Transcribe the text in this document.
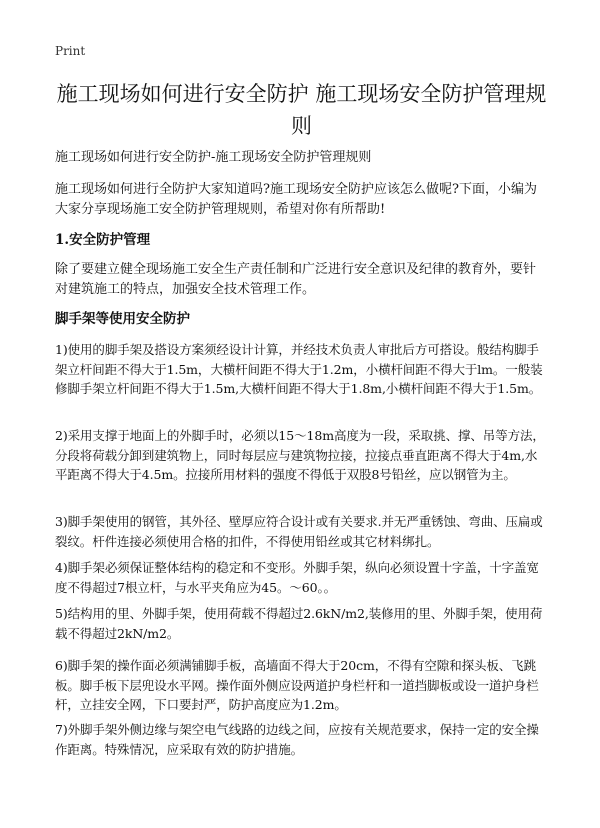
Print
施工现场如何进行安全防护 施工现场安全防护管理规则

施工现场如何进行安全防护-施工现场安全防护管理规则

施工现场如何进行全防护大家知道吗?施工现场安全防护应该怎么做呢?下面，小编为大家分享现场施工安全防护管理规则，希望对你有所帮助!

1.安全防护管理

除了要建立健全现场施工安全生产责任制和广泛进行安全意识及纪律的教育外，要针对建筑施工的特点，加强安全技术管理工作。

脚手架等使用安全防护

1)使用的脚手架及搭设方案须经设计计算，并经技术负责人审批后方可搭设。般结构脚手架立杆间距不得大于1.5m，大横杆间距不得大于1.2m，小横杆间距不得大于lm。一般装修脚手架立杆间距不得大于1.5m,大横杆间距不得大于1.8m,小横杆间距不得大于1.5m。

2)采用支撑于地面上的外脚手时，必须以15～18m高度为一段，采取挑、撑、吊等方法，分段将荷载分卸到建筑物上，同时每层应与建筑物拉接，拉接点垂直距离不得大于4m,水平距离不得大于4.5m。拉接所用材料的强度不得低于双股8号铅丝，应以钢管为主。

3)脚手架使用的钢管，其外径、壁厚应符合设计或有关要求.并无严重锈蚀、弯曲、压扁或裂纹。杆件连接必须使用合格的扣件，不得使用铅丝或其它材料绑扎。

4)脚手架必须保证整体结构的稳定和不变形。外脚手架，纵向必须设置十字盖，十字盖宽度不得超过7根立杆，与水平夹角应为45。～60。。

5)结构用的里、外脚手架，使用荷载不得超过2.6kN/m2,装修用的里、外脚手架，使用荷载不得超过2kN/m2。

6)脚手架的操作面必须满铺脚手板，高墙面不得大于20cm，不得有空隙和探头板、飞跳板。脚手板下层兜设水平网。操作面外侧应设两道护身栏杆和一道挡脚板或设一道护身栏杆，立挂安全网，下口要封严，防护高度应为1.2m。

7)外脚手架外侧边缘与架空电气线路的边线之间，应按有关规范要求，保持一定的安全操作距离。特殊情况，应采取有效的防护措施。
